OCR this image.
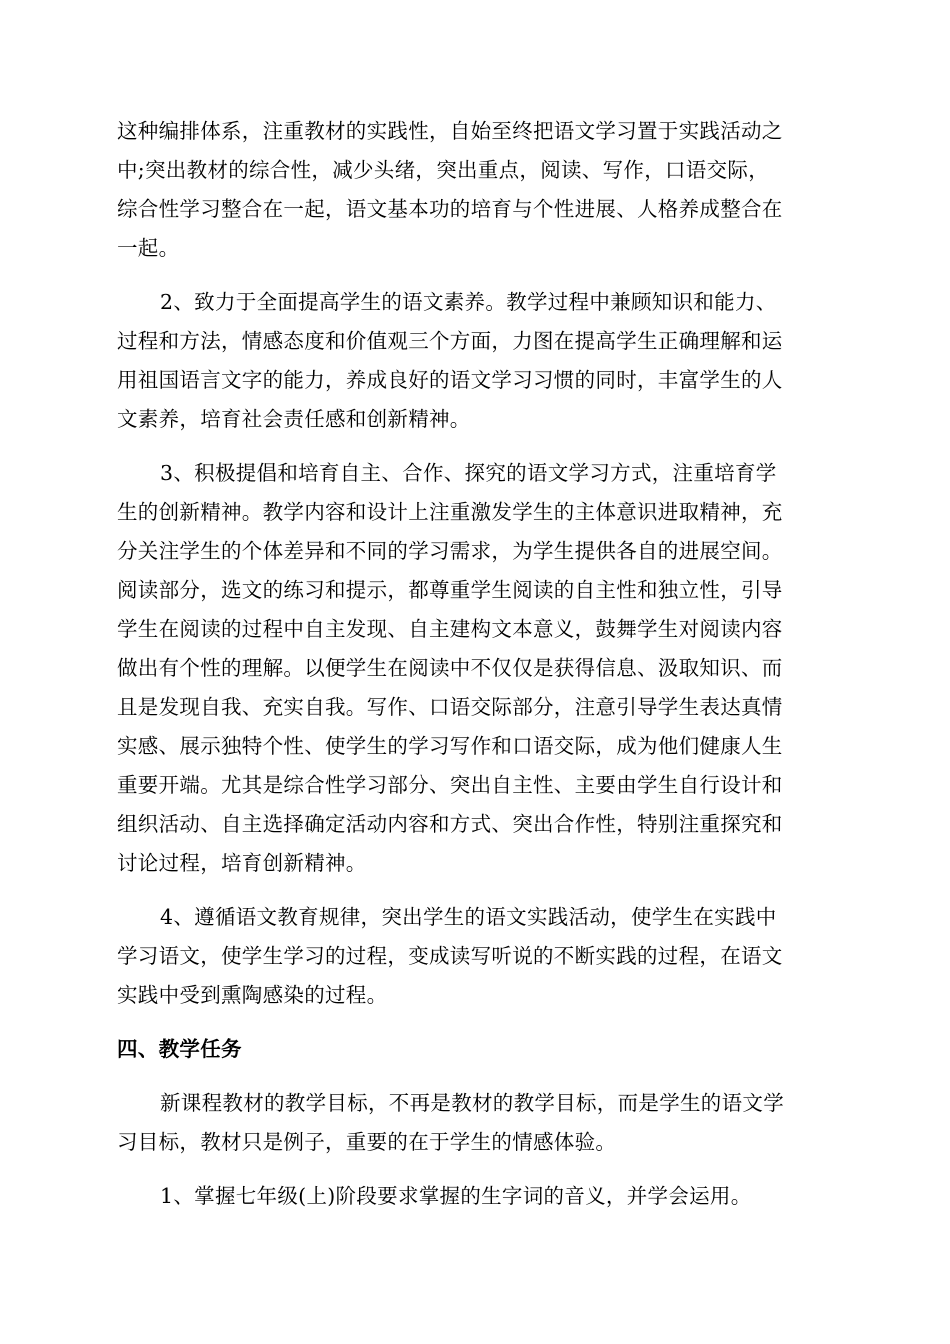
这种编排体系，注重教材的实践性，自始至终把语文学习置于实践活动之
中;突出教材的综合性，减少头绪，突出重点，阅读、写作，口语交际，
综合性学习整合在一起，语文基本功的培育与个性进展、人格养成整合在
一起。
2、致力于全面提高学生的语文素养。教学过程中兼顾知识和能力、
过程和方法，情感态度和价值观三个方面，力图在提高学生正确理解和运
用祖国语言文字的能力，养成良好的语文学习习惯的同时，丰富学生的人
文素养，培育社会责任感和创新精神。
3、积极提倡和培育自主、合作、探究的语文学习方式，注重培育学
生的创新精神。教学内容和设计上注重激发学生的主体意识进取精神，充
分关注学生的个体差异和不同的学习需求，为学生提供各自的进展空间。
阅读部分，选文的练习和提示，都尊重学生阅读的自主性和独立性，引导
学生在阅读的过程中自主发现、自主建构文本意义，鼓舞学生对阅读内容
做出有个性的理解。以便学生在阅读中不仅仅是获得信息、汲取知识、而
且是发现自我、充实自我。写作、口语交际部分，注意引导学生表达真情
实感、展示独特个性、使学生的学习写作和口语交际，成为他们健康人生
重要开端。尤其是综合性学习部分、突出自主性、主要由学生自行设计和
组织活动、自主选择确定活动内容和方式、突出合作性，特别注重探究和
讨论过程，培育创新精神。
4、遵循语文教育规律，突出学生的语文实践活动，使学生在实践中
学习语文，使学生学习的过程，变成读写听说的不断实践的过程，在语文
实践中受到熏陶感染的过程。
四、教学任务
新课程教材的教学目标，不再是教材的教学目标，而是学生的语文学
习目标，教材只是例子，重要的在于学生的情感体验。
1、掌握七年级(上)阶段要求掌握的生字词的音义，并学会运用。
